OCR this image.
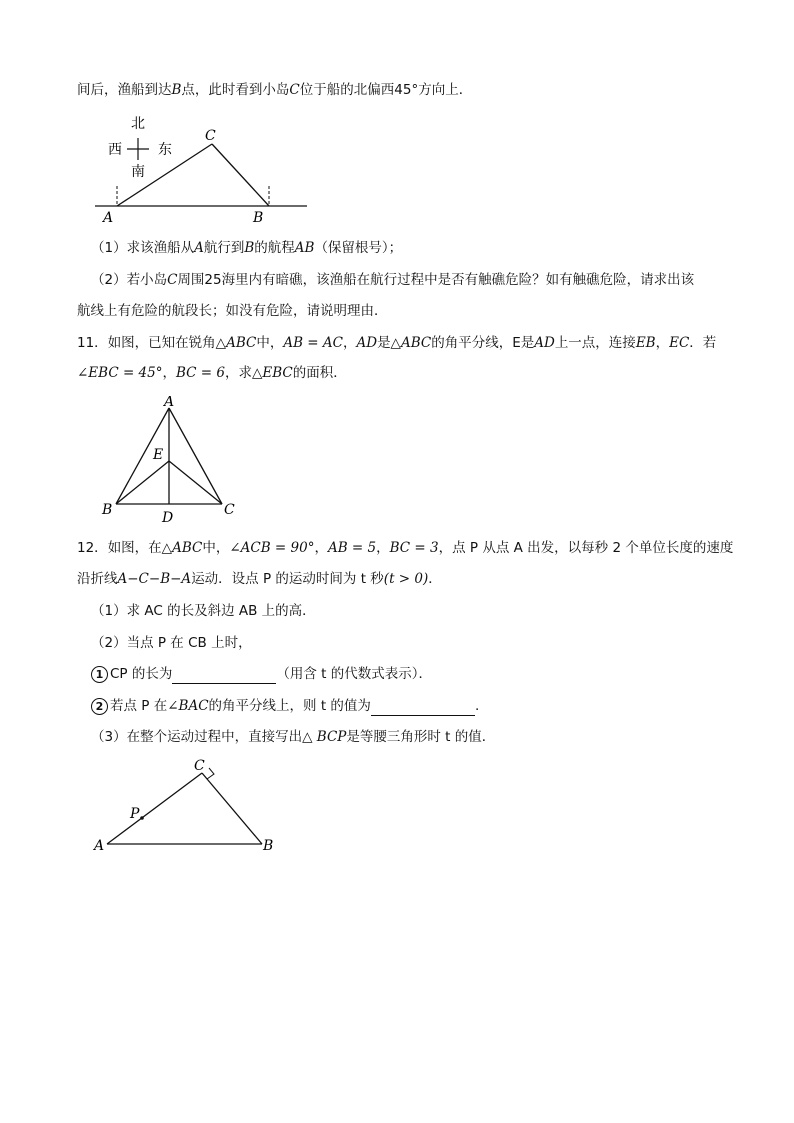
间后，渔船到达B点，此时看到小岛C位于船的北偏西45°方向上．
北
南
西	东
C
A	B
（1）求该渔船从A航行到B的航程AB（保留根号）；
（2）若小岛C周围25海里内有暗礁，该渔船在航行过程中是否有触礁危险？如有触礁危险，请求出该
航线上有危险的航段长；如没有危险，请说明理由．
11．如图，已知在锐角△ABC中，AB = AC，AD是△ABC的角平分线，E是AD上一点，连接EB，EC．若
∠EBC = 45°，BC = 6，求△EBC的面积．
A
E
B	C
D
12．如图，在△ABC中，∠ACB = 90°，AB = 5，BC = 3，点 P 从点 A 出发，以每秒 2 个单位长度的速度
沿折线A−C−B−A运动．设点 P 的运动时间为 t 秒(t > 0)．
（1）求 AC 的长及斜边 AB 上的高．
（2）当点 P 在 CB 上时，
1 CP 的长为	（用含 t 的代数式表示）．
2 若点 P 在∠BAC的角平分线上，则 t 的值为	.
（3）在整个运动过程中，直接写出△ BCP是等腰三角形时 t 的值．
C
P
A	B
